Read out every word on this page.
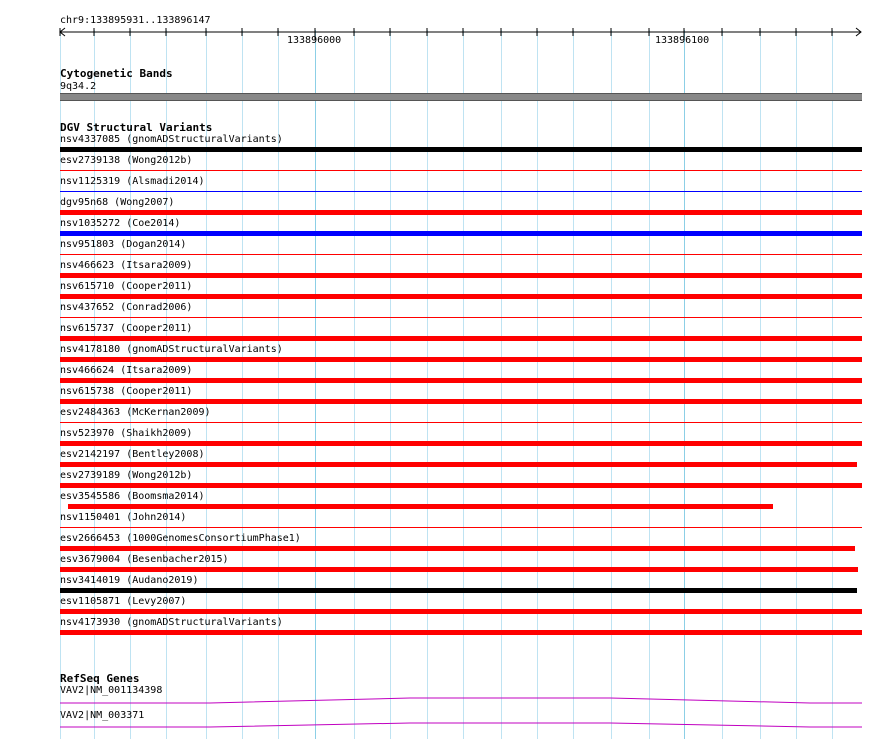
chr9:133895931..133896147
133896000	133896100
Cytogenetic Bands
9q34.2
DGV Structural Variants
nsv4337085 (gnomADStructuralVariants)
esv2739138 (Wong2012b)
nsv1125319 (Alsmadi2014)
dgv95n68 (Wong2007)
nsv1035272 (Coe2014)
nsv951803 (Dogan2014)
nsv466623 (Itsara2009)
nsv615710 (Cooper2011)
nsv437652 (Conrad2006)
nsv615737 (Cooper2011)
nsv4178180 (gnomADStructuralVariants)
nsv466624 (Itsara2009)
nsv615738 (Cooper2011)
esv2484363 (McKernan2009)
nsv523970 (Shaikh2009)
esv2142197 (Bentley2008)
esv2739189 (Wong2012b)
esv3545586 (Boomsma2014)
nsv1150401 (John2014)
esv2666453 (1000GenomesConsortiumPhase1)
esv3679004 (Besenbacher2015)
nsv3414019 (Audano2019)
esv1105871 (Levy2007)
nsv4173930 (gnomADStructuralVariants)
RefSeq Genes
VAV2|NM_001134398
VAV2|NM_003371
